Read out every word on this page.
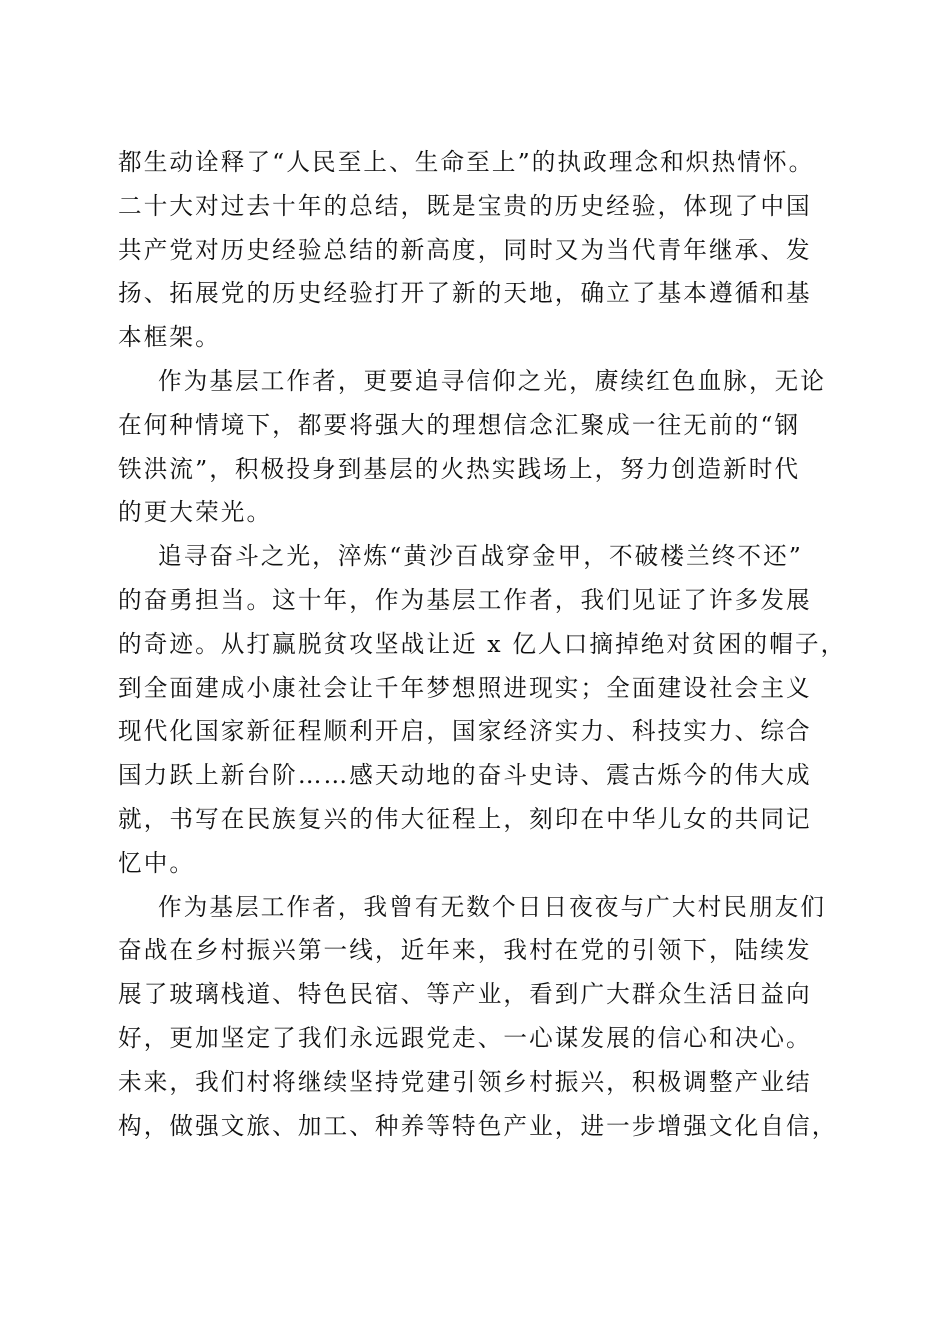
都生动诠释了“人民至上、生命至上”的执政理念和炽热情怀。
二十大对过去十年的总结，既是宝贵的历史经验，体现了中国
共产党对历史经验总结的新高度，同时又为当代青年继承、发
扬、拓展党的历史经验打开了新的天地，确立了基本遵循和基
本框架。
作为基层工作者，更要追寻信仰之光，赓续红色血脉，无论
在何种情境下，都要将强大的理想信念汇聚成一往无前的“钢
铁洪流”，积极投身到基层的火热实践场上，努力创造新时代
的更大荣光。
追寻奋斗之光，淬炼“黄沙百战穿金甲，不破楼兰终不还”
的奋勇担当。这十年，作为基层工作者，我们见证了许多发展
的奇迹。从打赢脱贫攻坚战让近 x 亿人口摘掉绝对贫困的帽子，
到全面建成小康社会让千年梦想照进现实；全面建设社会主义
现代化国家新征程顺利开启，国家经济实力、科技实力、综合
国力跃上新台阶……感天动地的奋斗史诗、震古烁今的伟大成
就，书写在民族复兴的伟大征程上，刻印在中华儿女的共同记
忆中。
作为基层工作者，我曾有无数个日日夜夜与广大村民朋友们
奋战在乡村振兴第一线，近年来，我村在党的引领下，陆续发
展了玻璃栈道、特色民宿、等产业，看到广大群众生活日益向
好，更加坚定了我们永远跟党走、一心谋发展的信心和决心。
未来，我们村将继续坚持党建引领乡村振兴，积极调整产业结
构，做强文旅、加工、种养等特色产业，进一步增强文化自信，
